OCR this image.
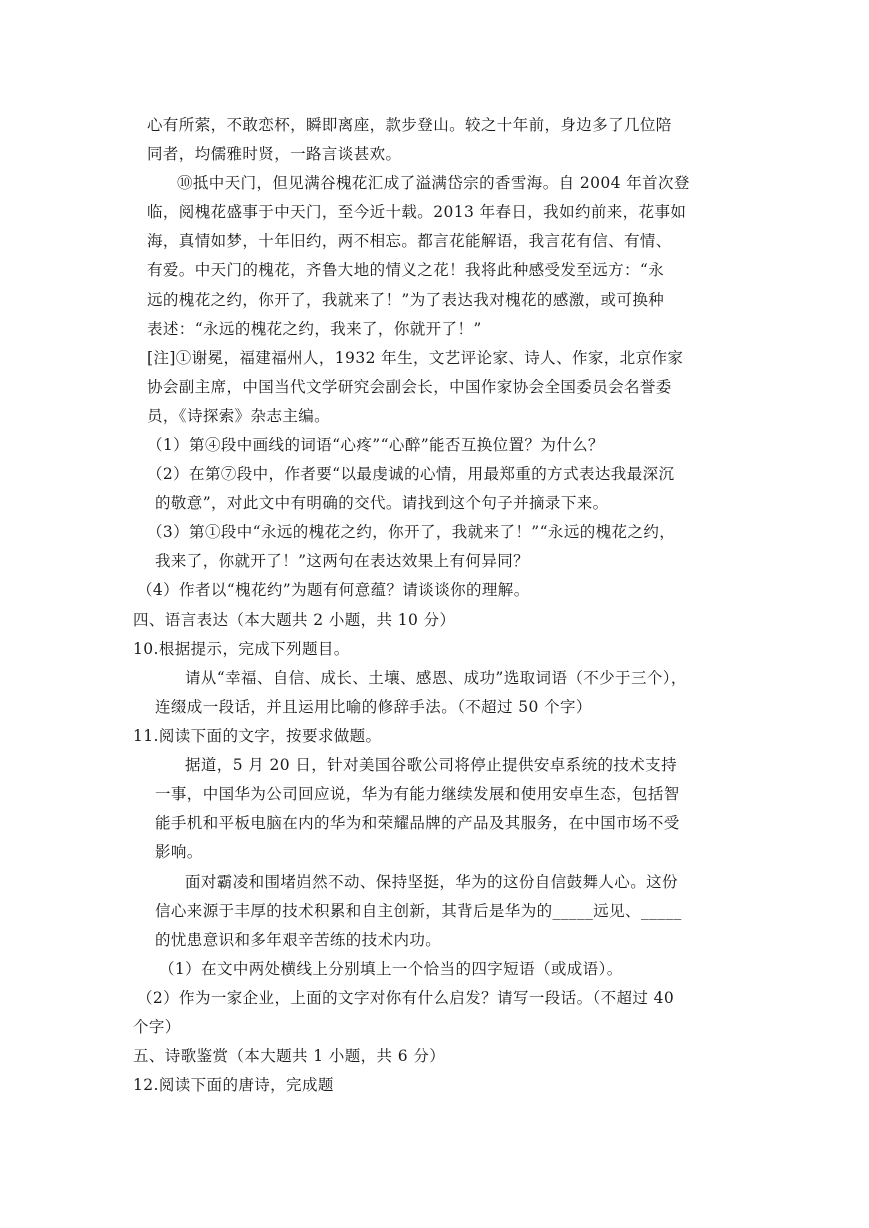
心有所萦，不敢恋杯，瞬即离座，款步登山。较之十年前，身边多了几位陪
同者，均儒雅时贤，一路言谈甚欢。
⑩抵中天门，但见满谷槐花汇成了溢满岱宗的香雪海。自 2004 年首次登
临，阅槐花盛事于中天门，至今近十载。2013 年春日，我如约前来，花事如
海，真情如梦，十年旧约，两不相忘。都言花能解语，我言花有信、有情、
有爱。中天门的槐花，齐鲁大地的情义之花！我将此种感受发至远方：“永
远的槐花之约，你开了，我就来了！”为了表达我对槐花的感激，或可换种
表述：“永远的槐花之约，我来了，你就开了！”
[注]①谢冕，福建福州人，1932 年生，文艺评论家、诗人、作家，北京作家
协会副主席，中国当代文学研究会副会长，中国作家协会全国委员会名誉委
员，《诗探索》杂志主编。
（1）第④段中画线的词语“心疼”“心醉”能否互换位置？为什么？
（2）在第⑦段中，作者要“以最虔诚的心情，用最郑重的方式表达我最深沉
的敬意”，对此文中有明确的交代。请找到这个句子并摘录下来。
（3）第①段中“永远的槐花之约，你开了，我就来了！”“永远的槐花之约，
我来了，你就开了！”这两句在表达效果上有何异同？
（4）作者以“槐花约”为题有何意蕴？请谈谈你的理解。
四、语言表达（本大题共 2 小题，共 10 分）
10.根据提示，完成下列题目。
请从“幸福、自信、成长、土壤、感恩、成功”选取词语（不少于三个），
连缀成一段话，并且运用比喻的修辞手法。（不超过 50 个字）
11.阅读下面的文字，按要求做题。
据道，5 月 20 日，针对美国谷歌公司将停止提供安卓系统的技术支持
一事，中国华为公司回应说，华为有能力继续发展和使用安卓生态，包括智
能手机和平板电脑在内的华为和荣耀品牌的产品及其服务，在中国市场不受
影响。
面对霸凌和围堵岿然不动、保持坚挺，华为的这份自信鼓舞人心。这份
信心来源于丰厚的技术积累和自主创新，其背后是华为的_____远见、_____
的忧患意识和多年艰辛苦练的技术内功。
（1）在文中两处横线上分别填上一个恰当的四字短语（或成语）。
（2）作为一家企业，上面的文字对你有什么启发？请写一段话。（不超过 40
个字）
五、诗歌鉴赏（本大题共 1 小题，共 6 分）
12.阅读下面的唐诗，完成题
